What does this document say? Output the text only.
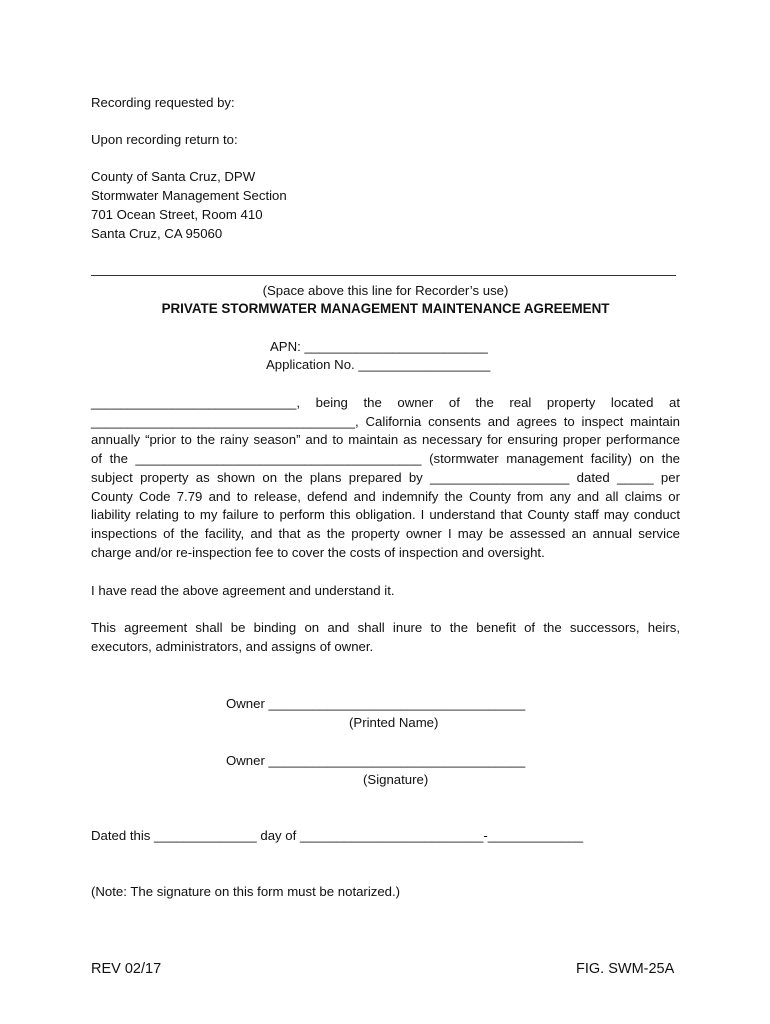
Recording requested by:
Upon recording return to:
County of Santa Cruz, DPW
Stormwater Management Section
701 Ocean Street, Room 410
Santa Cruz, CA 95060
(Space above this line for Recorder’s use)
PRIVATE STORMWATER MANAGEMENT MAINTENANCE AGREEMENT
APN: _________________________
Application No. __________________
____________________________, being the owner of the real property located at
____________________________________, California consents and agrees to inspect maintain
annually “prior to the rainy season” and to maintain as necessary for ensuring proper performance
of the _______________________________________ (stormwater management facility) on the
subject property as shown on the plans prepared by ___________________ dated _____ per
County Code 7.79 and to release, defend and indemnify the County from any and all claims or
liability relating to my failure to perform this obligation. I understand that County staff may conduct
inspections of the facility, and that as the property owner I may be assessed an annual service
charge and/or re-inspection fee to cover the costs of inspection and oversight.
I have read the above agreement and understand it.
This agreement shall be binding on and shall inure to the benefit of the successors, heirs,
executors, administrators, and assigns of owner.
Owner ___________________________________
(Printed Name)
Owner ___________________________________
(Signature)
Dated this ______________ day of _________________________-_____________
(Note: The signature on this form must be notarized.)
REV 02/17	FIG. SWM-25A
